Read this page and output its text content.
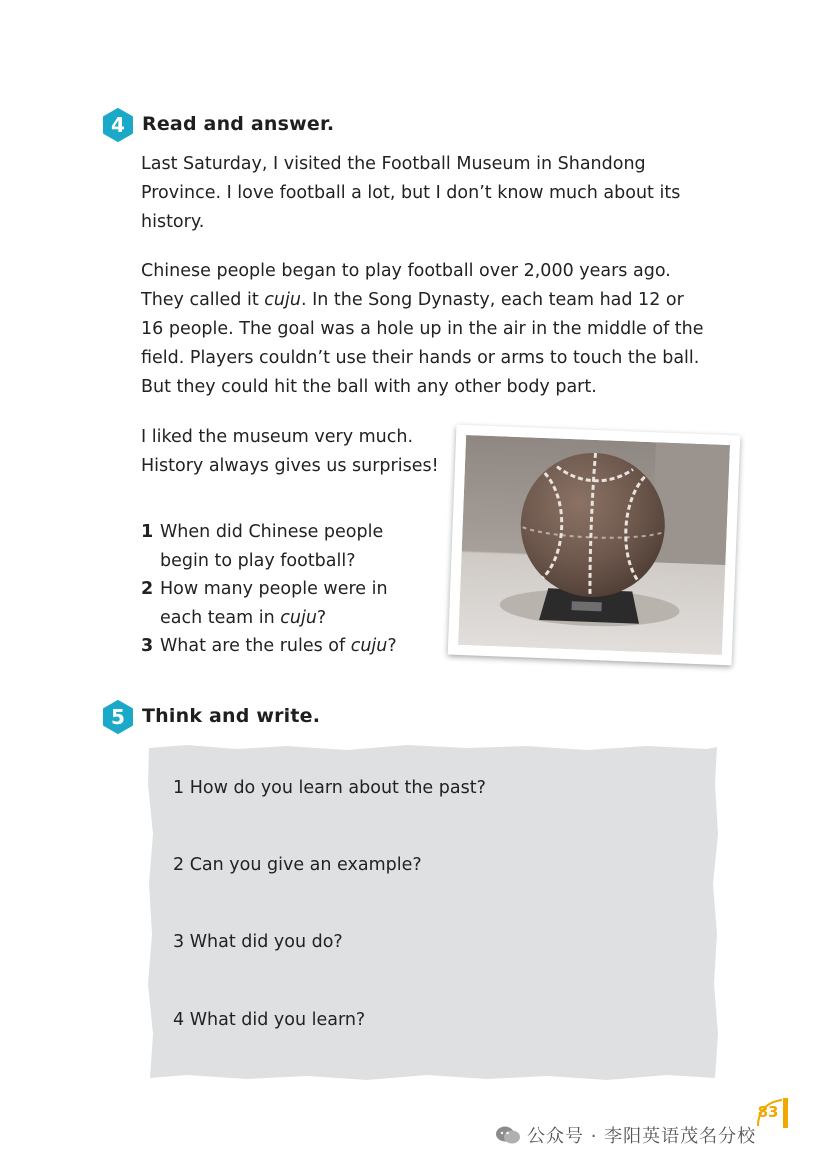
4 Read and answer.

Last Saturday, I visited the Football Museum in Shandong

Province. I love football a lot, but I don’t know much about its

history.

Chinese people began to play football over 2,000 years ago.

They called it cuju. In the Song Dynasty, each team had 12 or

16 people. The goal was a hole up in the air in the middle of the

field. Players couldn’t use their hands or arms to touch the ball.

But they could hit the ball with any other body part.

I liked the museum very much.

History always gives us surprises!

1 When did Chinese people
begin to play football?
2 How many people were in
each team in cuju?
3 What are the rules of cuju?
5 Think and write.
1 How do you learn about the past?
2 Can you give an example?
3 What did you do?
4 What did you learn?
83
公众号 · 李阳英语茂名分校
